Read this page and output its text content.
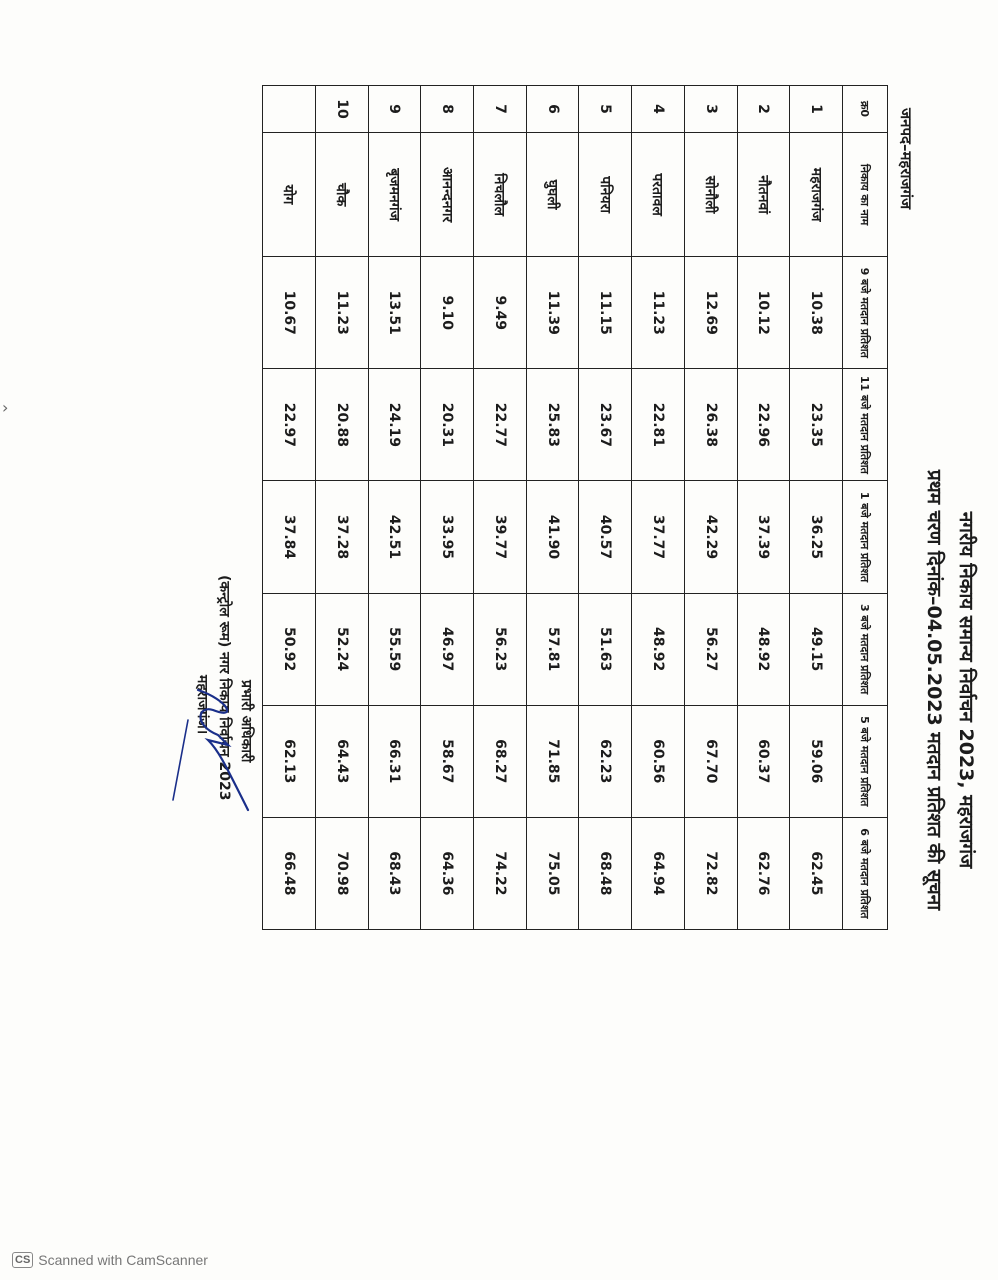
नगरीय निकाय समान्य निर्वाचन 2023, महराजगंज
प्रथम चरण दिनांक–04.05.2023 मतदान प्रतिशत की सूचना
जनपद–महराजगंज
क्र0	निकाय का नाम	9 बजे मतदान प्रतिशत	11 बजे मतदान प्रतिशत	1 बजे मतदान प्रतिशत	3 बजे मतदान प्रतिशत	5 बजे मतदान प्रतिशत	6 बजे मतदान प्रतिशत
1	महराजगंज	10.38	23.35	36.25	49.15	59.06	62.45
2	नौतनवां	10.12	22.96	37.39	48.92	60.37	62.76
3	सोनौली	12.69	26.38	42.29	56.27	67.70	72.82
4	परतावल	11.23	22.81	37.77	48.92	60.56	64.94
5	पनियरा	11.15	23.67	40.57	51.63	62.23	68.48
6	घुघली	11.39	25.83	41.90	57.81	71.85	75.05
7	निचलौल	9.49	22.77	39.77	56.23	68.27	74.22
8	आनन्दनगर	9.10	20.31	33.95	46.97	58.67	64.36
9	बृजमनगंज	13.51	24.19	42.51	55.59	66.31	68.43
10	चौक	11.23	20.88	37.28	52.24	64.43	70.98
	योग	10.67	22.97	37.84	50.92	62.13	66.48
प्रभारी अधिकारी
(कन्ट्रोल रूम) नगर निकाय निर्वाचन 2023
महराजगंज।
›
CS Scanned with CamScanner
